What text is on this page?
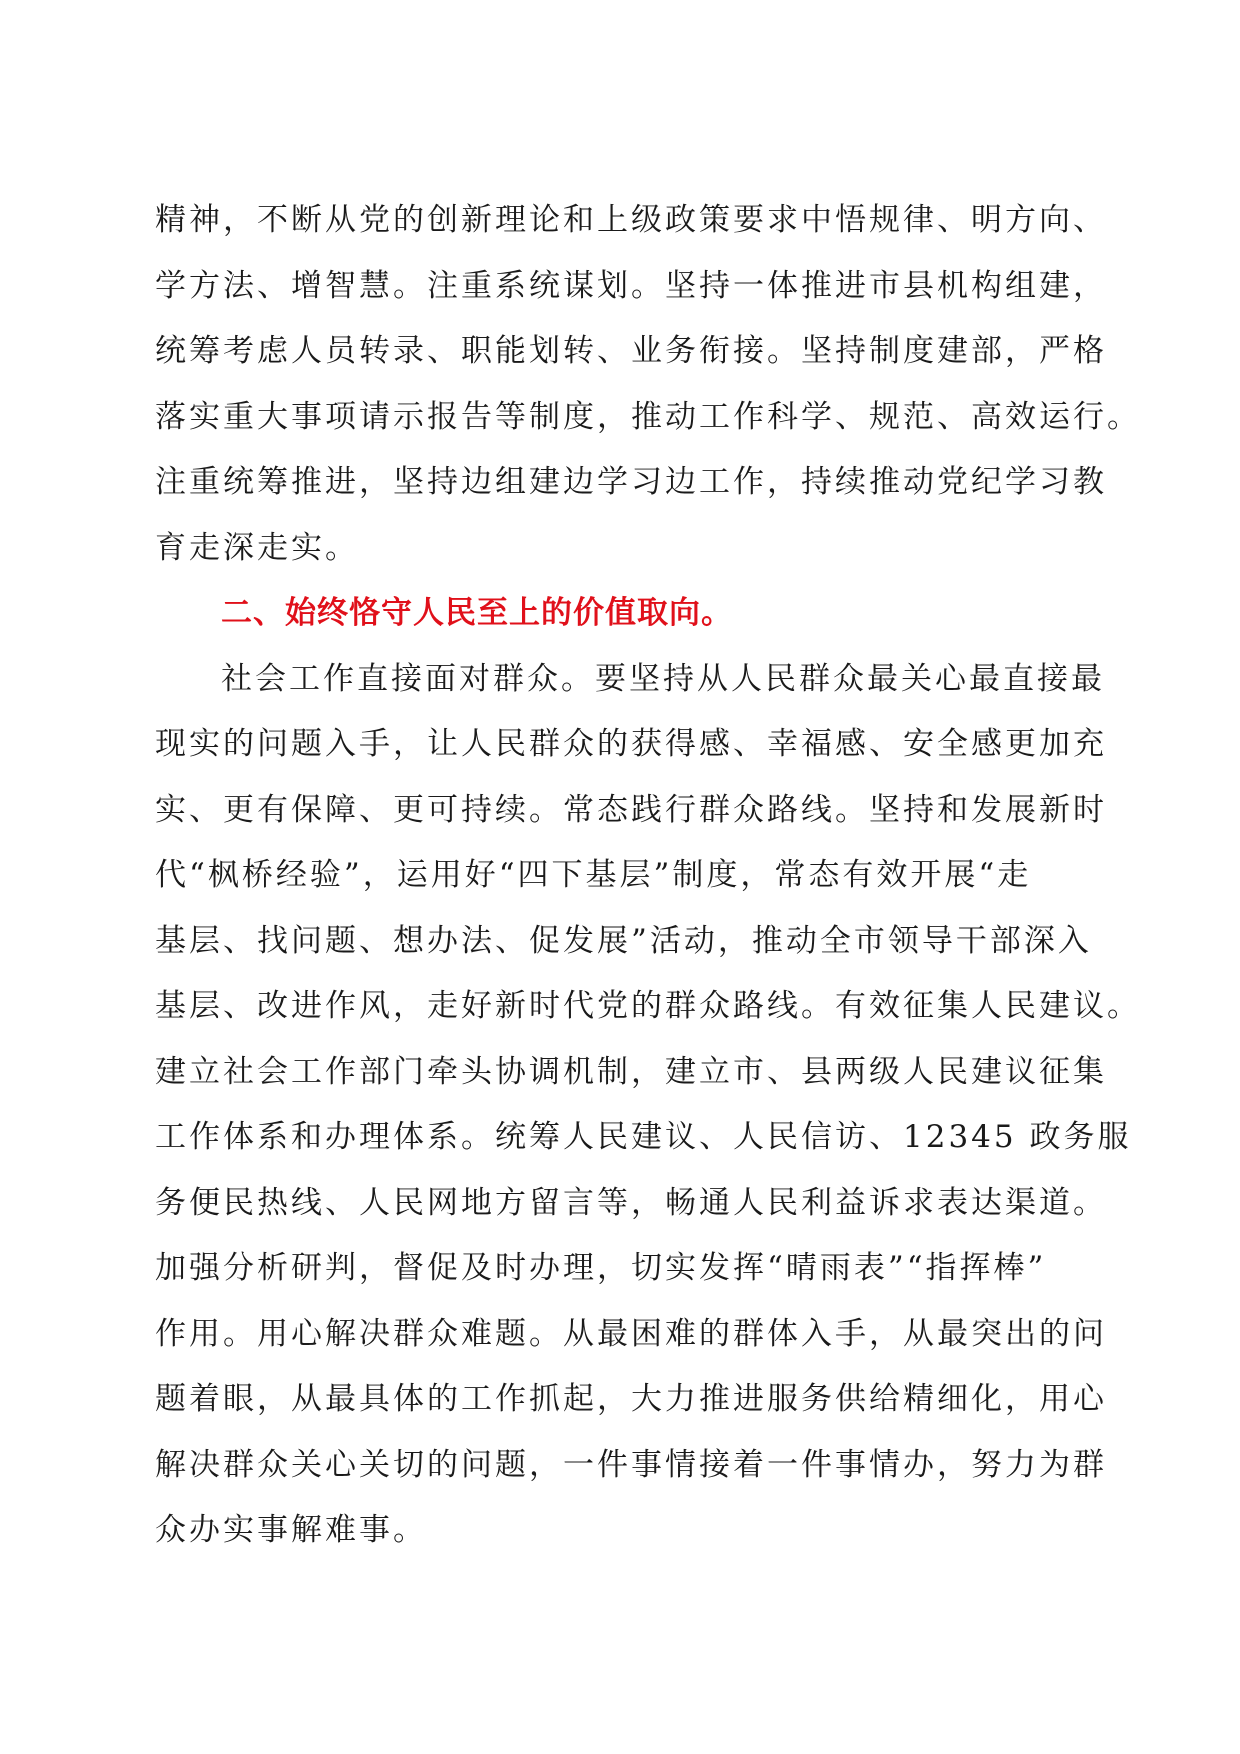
精神，不断从党的创新理论和上级政策要求中悟规律、明方向、
学方法、增智慧。注重系统谋划。坚持一体推进市县机构组建，
统筹考虑人员转录、职能划转、业务衔接。坚持制度建部，严格
落实重大事项请示报告等制度，推动工作科学、规范、高效运行。
注重统筹推进，坚持边组建边学习边工作，持续推动党纪学习教
育走深走实。
二、始终恪守人民至上的价值取向。
社会工作直接面对群众。要坚持从人民群众最关心最直接最
现实的问题入手，让人民群众的获得感、幸福感、安全感更加充
实、更有保障、更可持续。常态践行群众路线。坚持和发展新时
代“枫桥经验”，运用好“四下基层”制度，常态有效开展“走
基层、找问题、想办法、促发展”活动，推动全市领导干部深入
基层、改进作风，走好新时代党的群众路线。有效征集人民建议。
建立社会工作部门牵头协调机制，建立市、县两级人民建议征集
工作体系和办理体系。统筹人民建议、人民信访、12345 政务服
务便民热线、人民网地方留言等，畅通人民利益诉求表达渠道。
加强分析研判，督促及时办理，切实发挥“晴雨表”“指挥棒”
作用。用心解决群众难题。从最困难的群体入手，从最突出的问
题着眼，从最具体的工作抓起，大力推进服务供给精细化，用心
解决群众关心关切的问题，一件事情接着一件事情办，努力为群
众办实事解难事。
